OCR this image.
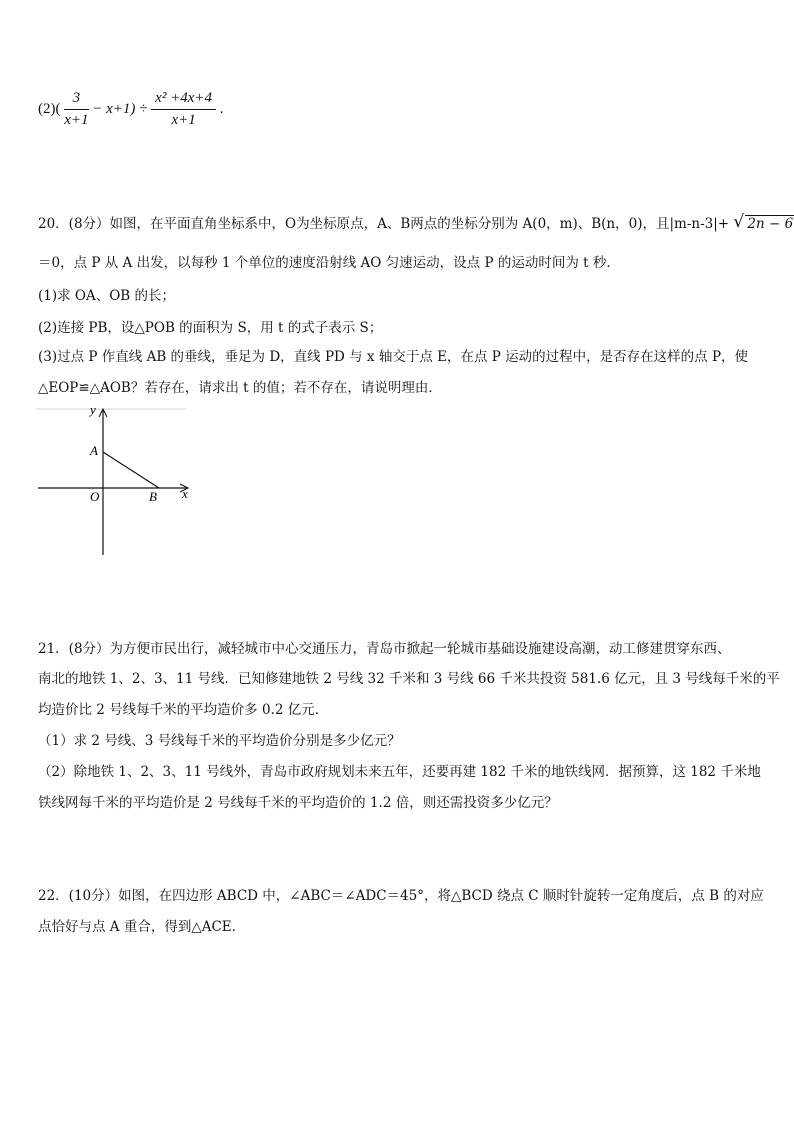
$(2)( \frac{3}{x+1} - x+1) \div \frac{\text{x² +4x+4}}{x+1}$ .
20．(8分）如图，在平面直角坐标系中，O为坐标原点，A、B两点的坐标分别为 A(0，m)、B(n，0)，且|m-n-3|+ √ 2n − 6
＝0，点 P 从 A 出发，以每秒 1 个单位的速度沿射线 AO 匀速运动，设点 P 的运动时间为 t 秒．
(1)求 OA、OB 的长；
(2)连接 PB，设△POB 的面积为 S，用 t 的式子表示 S；
(3)过点 P 作直线 AB 的垂线，垂足为 D，直线 PD 与 x 轴交于点 E，在点 P 运动的过程中，是否存在这样的点 P，使
△EOP≌△AOB？若存在，请求出 t 的值；若不存在，请说明理由．
y
x
A
O	B
21．(8分）为方便市民出行，减轻城市中心交通压力，青岛市掀起一轮城市基础设施建设高潮，动工修建贯穿东西、
南北的地铁 1、2、3、11 号线．已知修建地铁 2 号线 32 千米和 3 号线 66 千米共投资 581.6 亿元，且 3 号线每千米的平
均造价比 2 号线每千米的平均造价多 0.2 亿元．
（1）求 2 号线、3 号线每千米的平均造价分别是多少亿元？
（2）除地铁 1、2、3、11 号线外，青岛市政府规划未来五年，还要再建 182 千米的地铁线网．据预算，这 182 千米地
铁线网每千米的平均造价是 2 号线每千米的平均造价的 1.2 倍，则还需投资多少亿元？
22．(10分）如图，在四边形 ABCD 中，∠ABC＝∠ADC＝45°，将△BCD 绕点 C 顺时针旋转一定角度后，点 B 的对应
点恰好与点 A 重合，得到△ACE．
